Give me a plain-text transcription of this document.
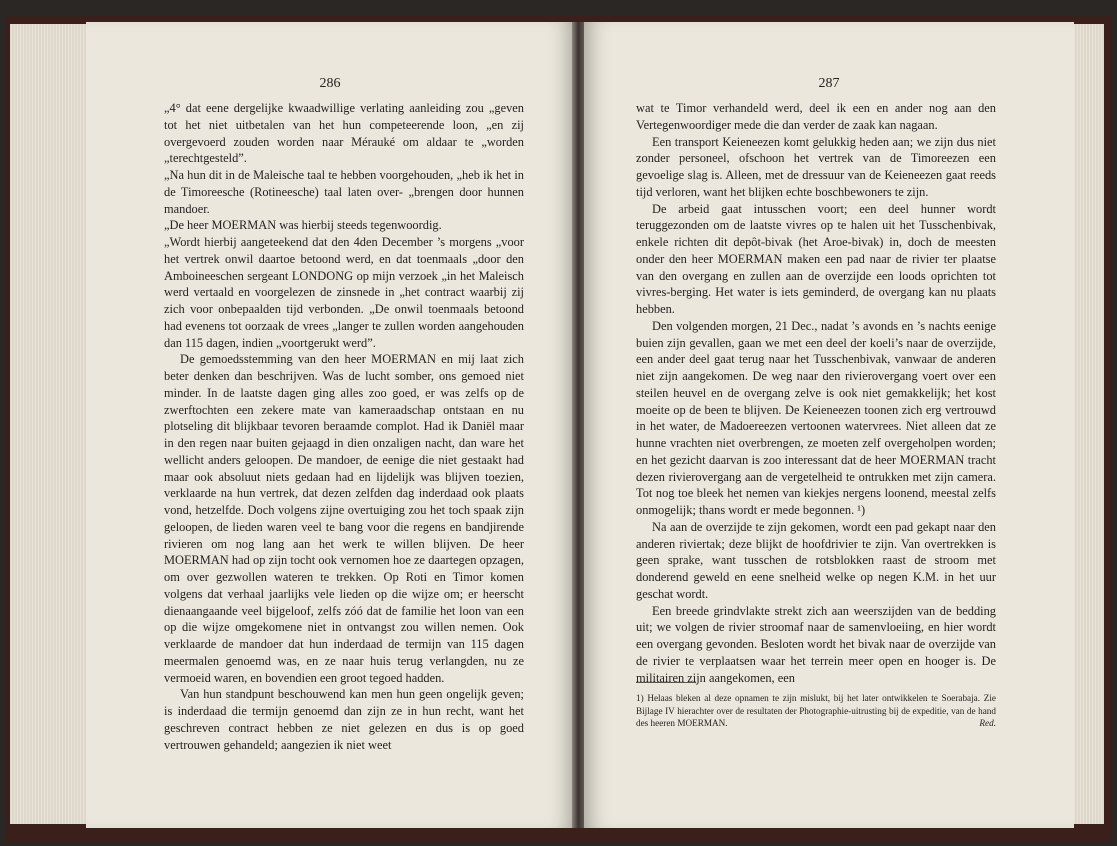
286

„4° dat eene dergelijke kwaadwillige verlating aanleiding zou „geven tot het niet uitbetalen van het hun competeerende loon, „en zij overgevoerd zouden worden naar Mérauké om aldaar te „worden „terechtgesteld”.

„Na hun dit in de Maleische taal te hebben voorgehouden, „heb ik het in de Timoreesche (Rotineesche) taal laten over- „brengen door hunnen mandoer.

„De heer MOERMAN was hierbij steeds tegenwoordig.

„Wordt hierbij aangeteekend dat den 4den December ’s morgens „voor het vertrek onwil daartoe betoond werd, en dat toenmaals „door den Amboineeschen sergeant LONDONG op mijn verzoek „in het Maleisch werd vertaald en voorgelezen de zinsnede in „het contract waarbij zij zich voor onbepaalden tijd verbonden. „De onwil toenmaals betoond had evenens tot oorzaak de vrees „langer te zullen worden aangehouden dan 115 dagen, indien „voortgerukt werd”.

De gemoedsstemming van den heer MOERMAN en mij laat zich beter denken dan beschrijven. Was de lucht somber, ons gemoed niet minder. In de laatste dagen ging alles zoo goed, er was zelfs op de zwerftochten een zekere mate van kameraadschap ontstaan en nu plotseling dit blijkbaar tevoren beraamde complot. Had ik Daniël maar in den regen naar buiten gejaagd in dien onzaligen nacht, dan ware het wellicht anders geloopen. De mandoer, de eenige die niet gestaakt had maar ook absoluut niets gedaan had en lijdelijk was blijven toezien, verklaarde na hun vertrek, dat dezen zelfden dag inderdaad ook plaats vond, hetzelfde. Doch volgens zijne overtuiging zou het toch spaak zijn geloopen, de lieden waren veel te bang voor die regens en bandjirende rivieren om nog lang aan het werk te willen blijven. De heer MOERMAN had op zijn tocht ook vernomen hoe ze daartegen opzagen, om over gezwollen wateren te trekken. Op Roti en Timor komen volgens dat verhaal jaarlijks vele lieden op die wijze om; er heerscht dienaangaande veel bijgeloof, zelfs zóó dat de familie het loon van een op die wijze omgekomene niet in ontvangst zou willen nemen. Ook verklaarde de mandoer dat hun inderdaad de termijn van 115 dagen meermalen genoemd was, en ze naar huis terug verlangden, nu ze vermoeid waren, en bovendien een groot tegoed hadden.

Van hun standpunt beschouwend kan men hun geen ongelijk geven; is inderdaad die termijn genoemd dan zijn ze in hun recht, want het geschreven contract hebben ze niet gelezen en dus is op goed vertrouwen gehandeld; aangezien ik niet weet

287

wat te Timor verhandeld werd, deel ik een en ander nog aan den Vertegenwoordiger mede die dan verder de zaak kan nagaan.

Een transport Keieneezen komt gelukkig heden aan; we zijn dus niet zonder personeel, ofschoon het vertrek van de Timoreezen een gevoelige slag is. Alleen, met de dressuur van de Keieneezen gaat reeds tijd verloren, want het blijken echte boschbewoners te zijn.

De arbeid gaat intusschen voort; een deel hunner wordt teruggezonden om de laatste vivres op te halen uit het Tusschenbivak, enkele richten dit depôt-bivak (het Aroe-bivak) in, doch de meesten onder den heer MOERMAN maken een pad naar de rivier ter plaatse van den overgang en zullen aan de overzijde een loods oprichten tot vivres-berging. Het water is iets geminderd, de overgang kan nu plaats hebben.

Den volgenden morgen, 21 Dec., nadat ’s avonds en ’s nachts eenige buien zijn gevallen, gaan we met een deel der koeli’s naar de overzijde, een ander deel gaat terug naar het Tusschenbivak, vanwaar de anderen niet zijn aangekomen. De weg naar den rivierovergang voert over een steilen heuvel en de overgang zelve is ook niet gemakkelijk; het kost moeite op de been te blijven. De Keieneezen toonen zich erg vertrouwd in het water, de Madoereezen vertoonen watervrees. Niet alleen dat ze hunne vrachten niet overbrengen, ze moeten zelf overgeholpen worden; en het gezicht daarvan is zoo interessant dat de heer MOERMAN tracht dezen rivierovergang aan de vergetelheid te ontrukken met zijn camera. Tot nog toe bleek het nemen van kiekjes nergens loonend, meestal zelfs onmogelijk; thans wordt er mede begonnen. ¹)

Na aan de overzijde te zijn gekomen, wordt een pad gekapt naar den anderen riviertak; deze blijkt de hoofdrivier te zijn. Van overtrekken is geen sprake, want tusschen de rotsblokken raast de stroom met donderend geweld en eene snelheid welke op negen K.M. in het uur geschat wordt.

Een breede grindvlakte strekt zich aan weerszijden van de bedding uit; we volgen de rivier stroomaf naar de samenvloeiing, en hier wordt een overgang gevonden. Besloten wordt het bivak naar de overzijde van de rivier te verplaatsen waar het terrein meer open en hooger is. De militairen zijn aangekomen, een

1) Helaas bleken al deze opnamen te zijn mislukt, bij het later ontwikkelen te Soerabaja. Zie Bijlage IV hierachter over de resultaten der Photographie-uitrusting bij de expeditie, van de hand des heeren MOERMAN.	Red.
